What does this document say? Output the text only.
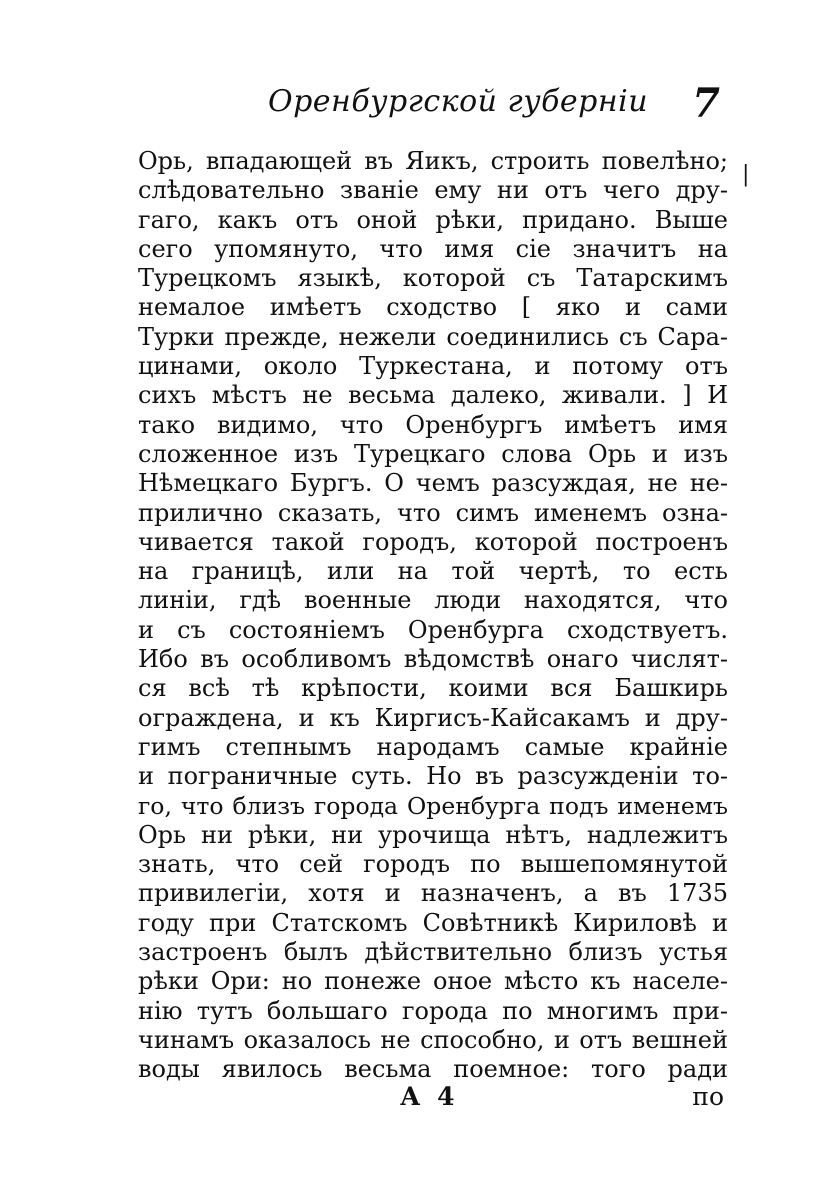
Оренбургской губерніи 7
|
Орь, впадающей въ Яикъ, строить повелѣно;
слѣдовательно званіе ему ни отъ чего дру-
гаго, какъ отъ оной рѣки, придано. Выше
сего упомянуто, что имя сіе значитъ на
Турецкомъ языкѣ, которой съ Татарскимъ
немалое имѣетъ сходство [ яко и сами
Турки прежде, нежели соединились съ Сара-
цинами, около Туркестана, и потому отъ
сихъ мѣстъ не весьма далеко, живали. ] И
тако видимо, что Оренбургъ имѣетъ имя
сложенное изъ Турецкаго слова Орь и изъ
Нѣмецкаго Бургъ. О чемъ разсуждая, не не-
прилично сказать, что симъ именемъ озна-
чивается такой городъ, которой построенъ
на границѣ, или на той чертѣ, то есть
линіи, гдѣ военные люди находятся, что
и съ состояніемъ Оренбурга сходствуетъ.
Ибо въ особливомъ вѣдомствѣ онаго числят-
ся всѣ тѣ крѣпости, коими вся Башкирь
ограждена, и къ Киргисъ-Кайсакамъ и дру-
гимъ степнымъ народамъ самые крайніе
и пограничные суть. Но въ разсужденіи то-
го, что близъ города Оренбурга подъ именемъ
Орь ни рѣки, ни урочища нѣтъ, надлежитъ
знать, что сей городъ по вышепомянутой
привилегіи, хотя и назначенъ, а въ 1735
году при Статскомъ Совѣтникѣ Кириловѣ и
застроенъ былъ дѣйствительно близъ устья
рѣки Ори: но понеже оное мѣсто къ населе-
нію тутъ большаго города по многимъ при-
чинамъ оказалось не способно, и отъ вешней
воды явилось весьма поемное: того ради
А 4	по
